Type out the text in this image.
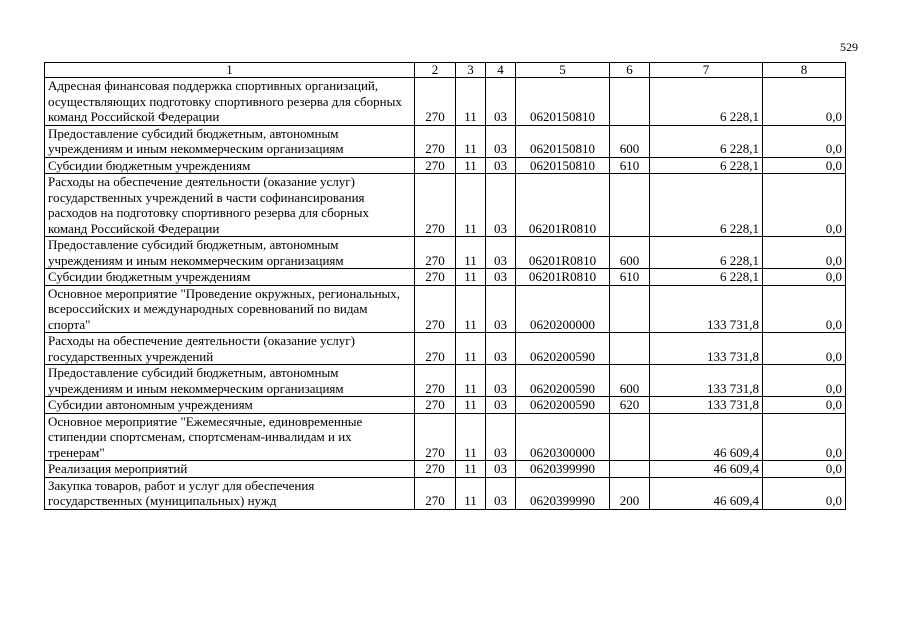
529
1	2	3	4	5	6	7	8
Адресная финансовая поддержка спортивных организаций, осуществляющих подготовку спортивного резерва для сборных команд Российской Федерации	270	11	03	0620150810		6 228,1	0,0
Предоставление субсидий бюджетным, автономным учреждениям и иным некоммерческим организациям	270	11	03	0620150810	600	6 228,1	0,0
Субсидии бюджетным учреждениям	270	11	03	0620150810	610	6 228,1	0,0
Расходы на обеспечение деятельности (оказание услуг) государственных учреждений в части софинансирования расходов на подготовку спортивного резерва для сборных команд Российской Федерации	270	11	03	06201R0810		6 228,1	0,0
Предоставление субсидий бюджетным, автономным учреждениям и иным некоммерческим организациям	270	11	03	06201R0810	600	6 228,1	0,0
Субсидии бюджетным учреждениям	270	11	03	06201R0810	610	6 228,1	0,0
Основное мероприятие "Проведение окружных, региональных, всероссийских и международных соревнований по видам спорта"	270	11	03	0620200000		133 731,8	0,0
Расходы на обеспечение деятельности (оказание услуг) государственных учреждений	270	11	03	0620200590		133 731,8	0,0
Предоставление субсидий бюджетным, автономным учреждениям и иным некоммерческим организациям	270	11	03	0620200590	600	133 731,8	0,0
Субсидии автономным учреждениям	270	11	03	0620200590	620	133 731,8	0,0
Основное мероприятие "Ежемесячные, единовременные стипендии спортсменам, спортсменам-инвалидам и их тренерам"	270	11	03	0620300000		46 609,4	0,0
Реализация мероприятий	270	11	03	0620399990		46 609,4	0,0
Закупка товаров, работ и услуг для обеспечения государственных (муниципальных) нужд	270	11	03	0620399990	200	46 609,4	0,0
